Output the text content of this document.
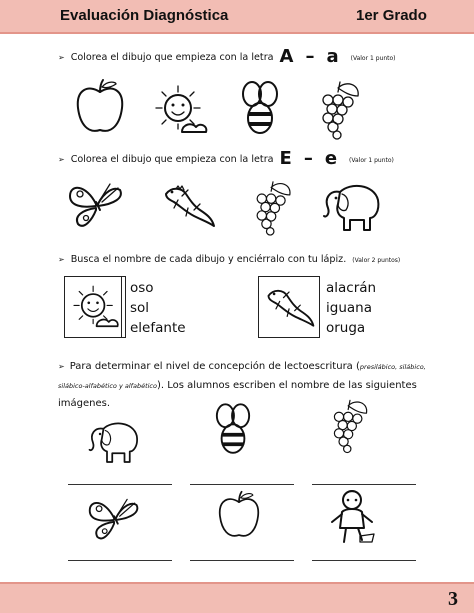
Evaluación Diagnóstica	1er Grado
➢ Colorea el dibujo que empieza con la letra A – a (Valor 1 punto)
➢ Colorea el dibujo que empieza con la letra E – e (Valor 1 punto)
➢ Busca el nombre de cada dibujo y enciérralo con tu lápiz. (Valor 2 puntos)
oso
sol
elefante
alacrán
iguana
oruga
➢ Para determinar el nivel de concepción de lectoescritura (presilábico, silábico, silábico-alfabético y alfabético). Los alumnos escriben el nombre de las siguientes imágenes.
3
